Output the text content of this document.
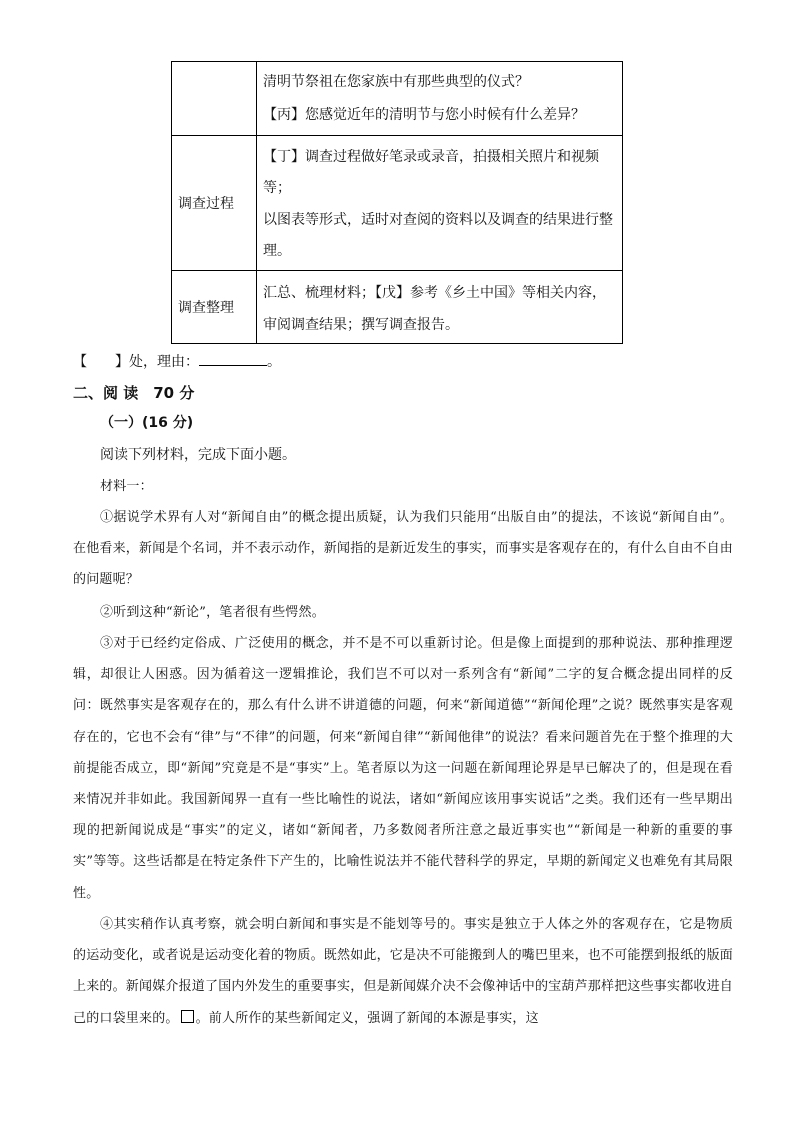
清明节祭祖在您家族中有那些典型的仪式？
【丙】您感觉近年的清明节与您小时候有什么差异？
调查过程
【丁】调查过程做好笔录或录音，拍摄相关照片和视频
等；
以图表等形式，适时对查阅的资料以及调查的结果进行整
理。
调查整理
汇总、梳理材料；【戊】参考《乡土中国》等相关内容，
审阅调查结果；撰写调查报告。
【　　】处，理由：	。
二、阅 读　70 分
（一）(16 分)
阅读下列材料，完成下面小题。
材料一：
①据说学术界有人对“新闻自由”的概念提出质疑，认为我们只能用“出版自由”的提法，不该说“新闻自由”。在他看来，新闻是个名词，并不表示动作，新闻指的是新近发生的事实，而事实是客观存在的，有什么自由不自由的问题呢？
②听到这种“新论”，笔者很有些愕然。
③对于已经约定俗成、广泛使用的概念，并不是不可以重新讨论。但是像上面提到的那种说法、那种推理逻辑，却很让人困惑。因为循着这一逻辑推论，我们岂不可以对一系列含有“新闻”二字的复合概念提出同样的反问：既然事实是客观存在的，那么有什么讲不讲道德的问题，何来“新闻道德”“新闻伦理”之说？既然事实是客观存在的，它也不会有“律”与“不律”的问题，何来“新闻自律”“新闻他律”的说法？看来问题首先在于整个推理的大前提能否成立，即“新闻”究竟是不是“事实”上。笔者原以为这一问题在新闻理论界是早已解决了的，但是现在看来情况并非如此。我国新闻界一直有一些比喻性的说法，诸如“新闻应该用事实说话”之类。我们还有一些早期出现的把新闻说成是“事实”的定义，诸如“新闻者，乃多数阅者所注意之最近事实也”“新闻是一种新的重要的事实”等等。这些话都是在特定条件下产生的，比喻性说法并不能代替科学的界定，早期的新闻定义也难免有其局限性。
④其实稍作认真考察，就会明白新闻和事实是不能划等号的。事实是独立于人体之外的客观存在，它是物质的运动变化，或者说是运动变化着的物质。既然如此，它是决不可能搬到人的嘴巴里来，也不可能摆到报纸的版面上来的。新闻媒介报道了国内外发生的重要事实，但是新闻媒介决不会像神话中的宝葫芦那样把这些事实都收进自己的口袋里来的。 。前人所作的某些新闻定义，强调了新闻的本源是事实，这
